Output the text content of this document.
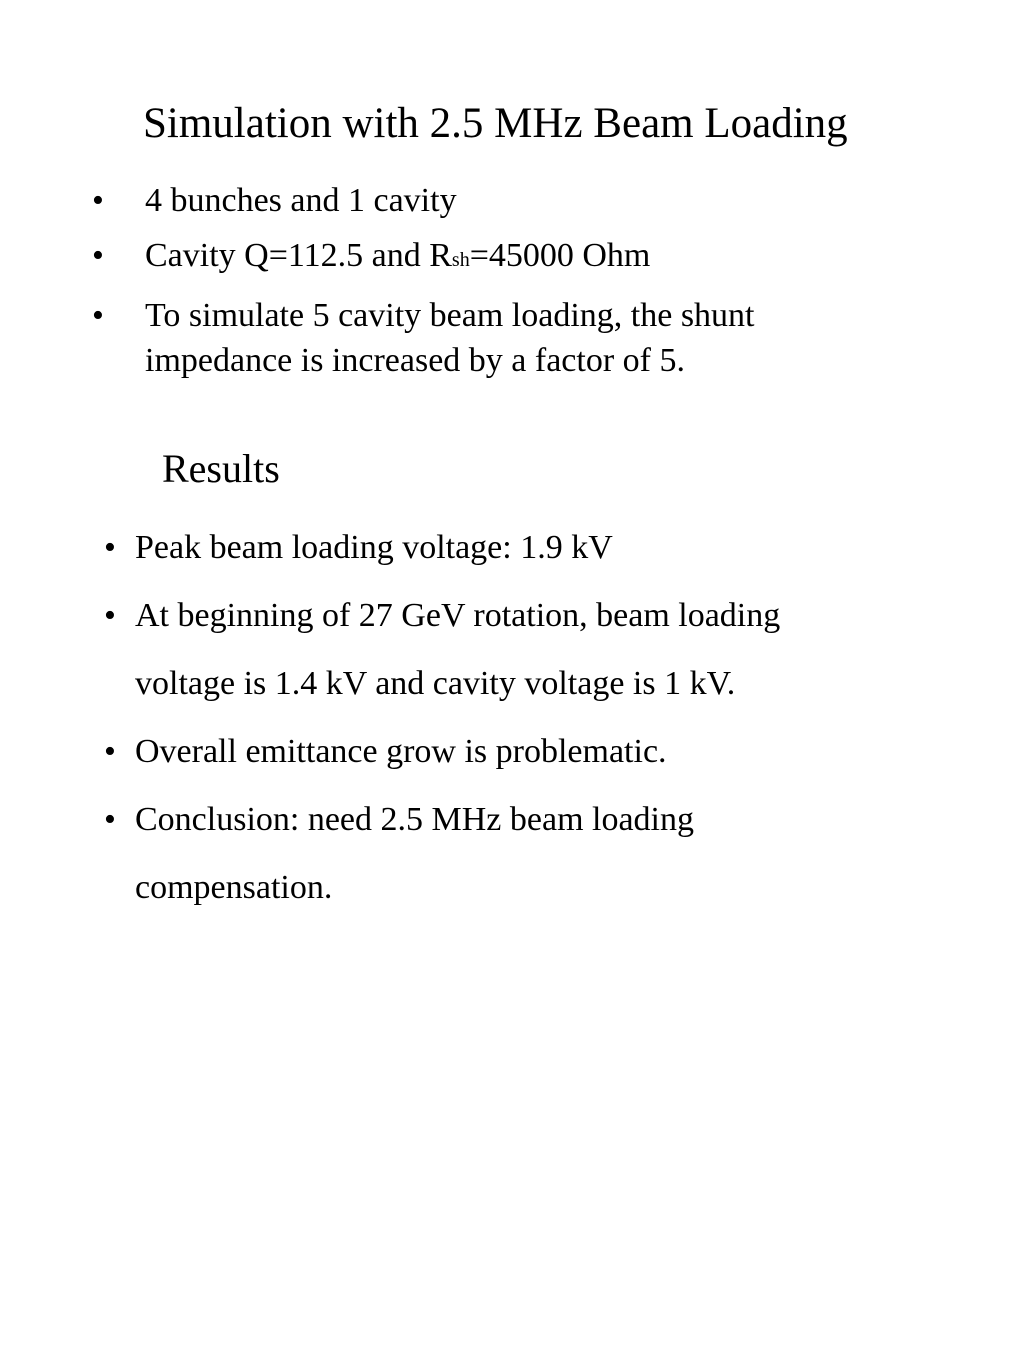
Simulation with 2.5 MHz Beam Loading
• 4 bunches and 1 cavity
• Cavity Q=112.5 and Rsh=45000 Ohm
• To simulate 5 cavity beam loading, the shunt
impedance is increased by a factor of 5.
Results
• Peak beam loading voltage: 1.9 kV
• At beginning of 27 GeV rotation, beam loading
voltage is 1.4 kV and cavity voltage is 1 kV.
• Overall emittance grow is problematic.
• Conclusion: need 2.5 MHz beam loading
compensation.
